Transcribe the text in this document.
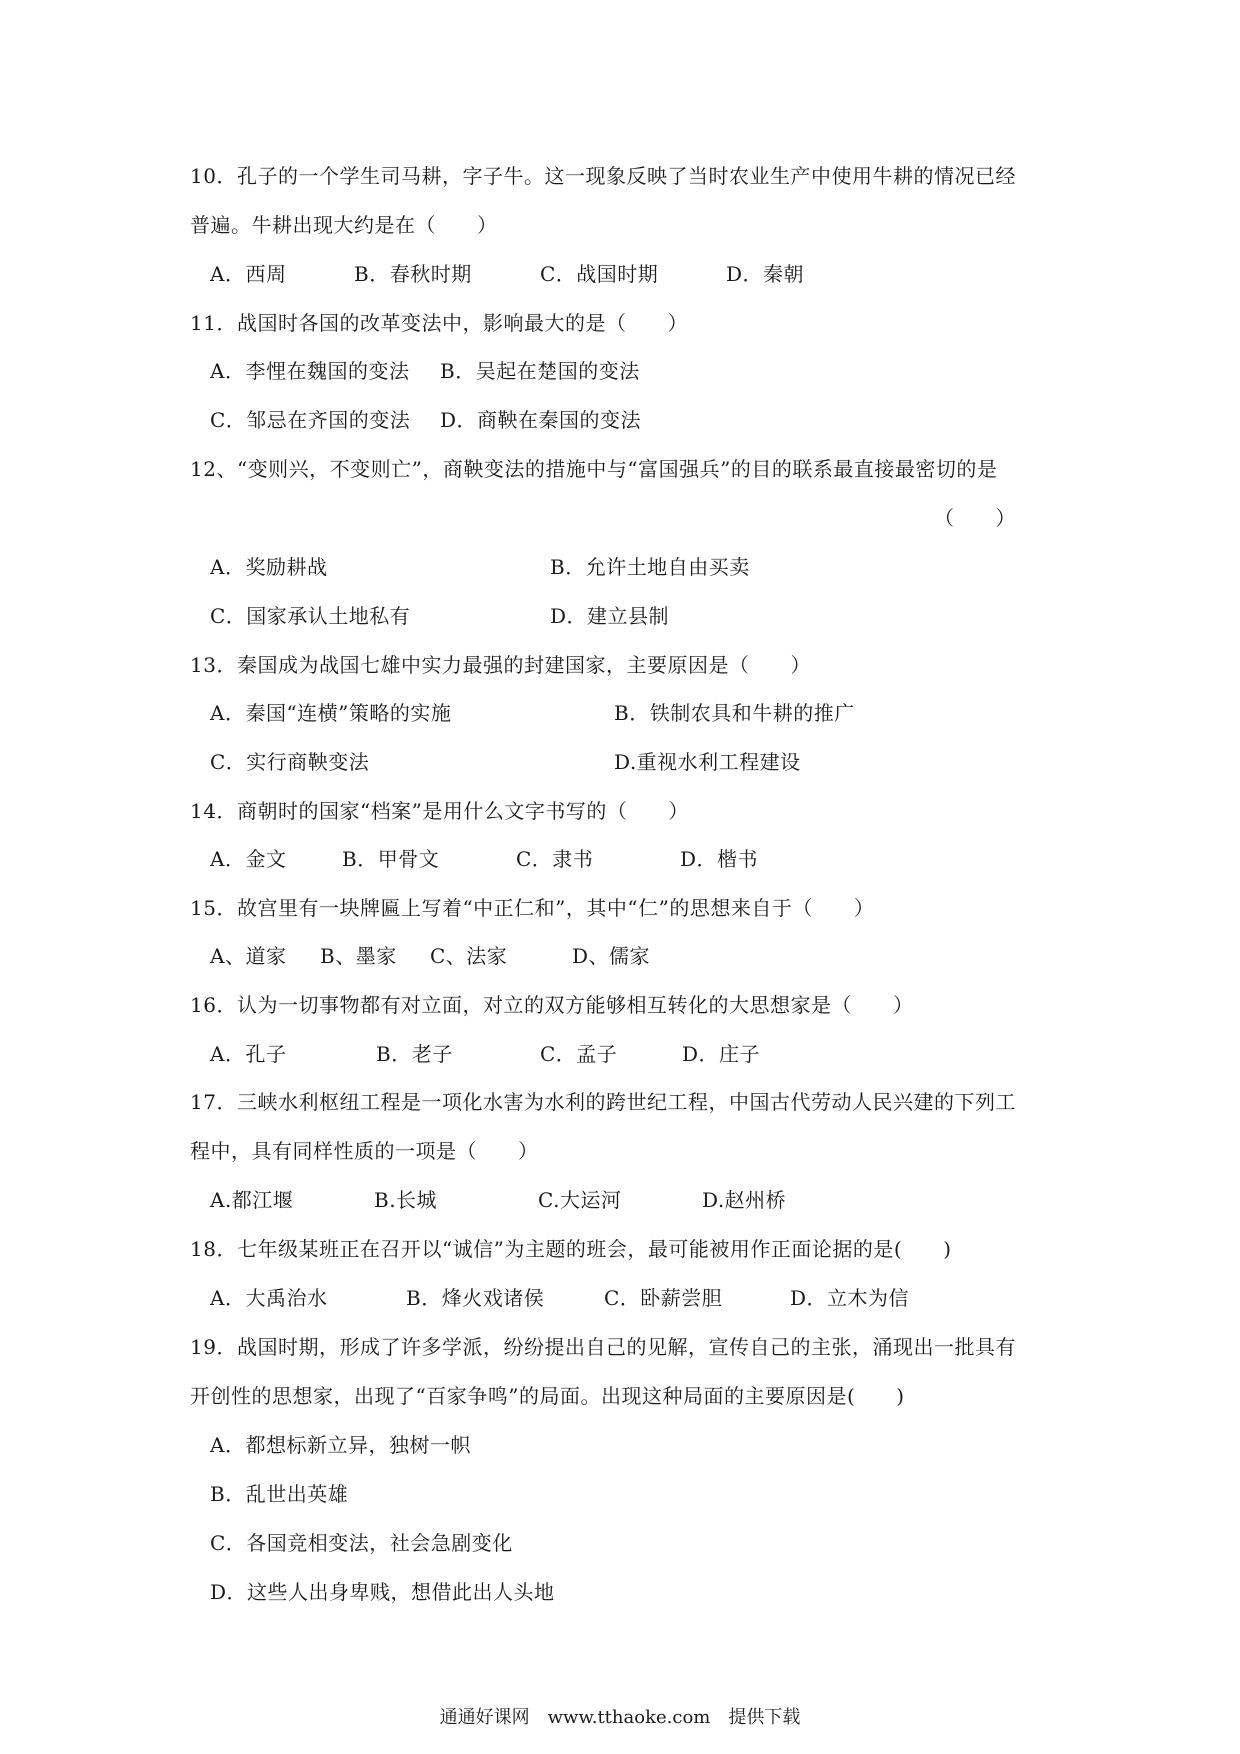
10．孔子的一个学生司马耕，字子牛。这一现象反映了当时农业生产中使用牛耕的情况已经
普遍。牛耕出现大约是在（　　）
A．西周	B．春秋时期	C．战国时期	D．秦朝
11．战国时各国的改革变法中，影响最大的是（　　）
A．李悝在魏国的变法 B．吴起在楚国的变法
C．邹忌在齐国的变法 D．商鞅在秦国的变法
12、“变则兴，不变则亡”，商鞅变法的措施中与“富国强兵”的目的联系最直接最密切的是
（　　）
A．奖励耕战	B．允许土地自由买卖
C．国家承认土地私有	D．建立县制
13．秦国成为战国七雄中实力最强的封建国家，主要原因是（　　）
A．秦国“连横”策略的实施	B．铁制农具和牛耕的推广
C．实行商鞅变法	D.重视水利工程建设
14．商朝时的国家“档案”是用什么文字书写的（　　）
A．金文	B．甲骨文	C．隶书	D．楷书
15．故宫里有一块牌匾上写着“中正仁和”，其中“仁”的思想来自于（　　）
A、道家 B、墨家 C、法家	D、儒家
16．认为一切事物都有对立面，对立的双方能够相互转化的大思想家是（　　）
A．孔子	B．老子	C．孟子	D．庄子
17．三峡水利枢纽工程是一项化水害为水利的跨世纪工程，中国古代劳动人民兴建的下列工
程中，具有同样性质的一项是（　　）
A.都江堰	B.长城	C.大运河	D.赵州桥
18．七年级某班正在召开以“诚信”为主题的班会，最可能被用作正面论据的是(　　)
A．大禹治水	B．烽火戏诸侯	C．卧薪尝胆	D．立木为信
19．战国时期，形成了许多学派，纷纷提出自己的见解，宣传自己的主张，涌现出一批具有
开创性的思想家，出现了“百家争鸣”的局面。出现这种局面的主要原因是(　　)
A．都想标新立异，独树一帜
B．乱世出英雄
C．各国竞相变法，社会急剧变化
D．这些人出身卑贱，想借此出人头地
通通好课网　www.tthaoke.com　提供下载
